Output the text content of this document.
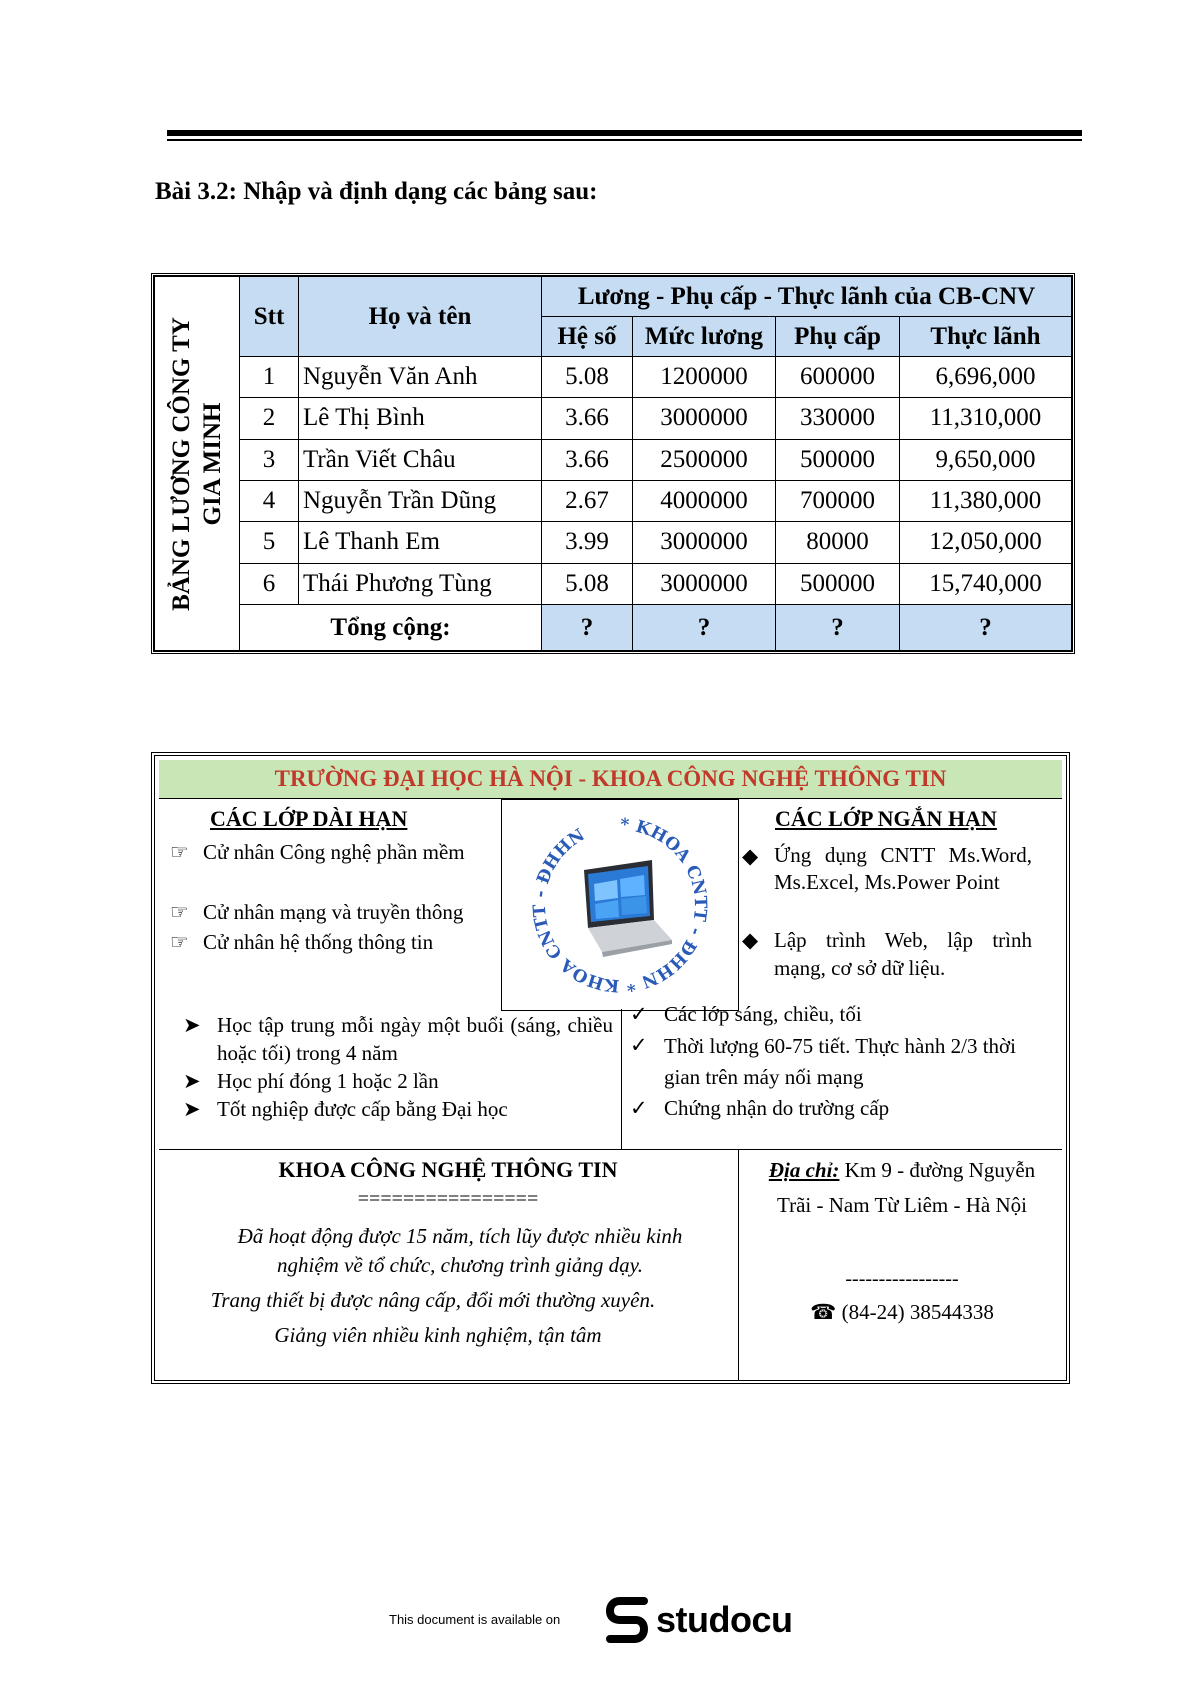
Bài 3.2: Nhập và định dạng các bảng sau:
BẢNG LƯƠNG CÔNG TY GIA MINH	Stt	Họ và tên	Lương - Phụ cấp - Thực lãnh của CB-CNV			
			Hệ số	Mức lương	Phụ cấp	Thực lãnh
	1	Nguyễn Văn Anh	5.08	1200000	600000	6,696,000
	2	Lê Thị Bình	3.66	3000000	330000	11,310,000
	3	Trần Viết Châu	3.66	2500000	500000	9,650,000
	4	Nguyễn Trần Dũng	2.67	4000000	700000	11,380,000
	5	Lê Thanh Em	3.99	3000000	80000	12,050,000
	6	Thái Phương Tùng	5.08	3000000	500000	15,740,000
	Tổng cộng:		?	?	?	?
TRƯỜNG ĐẠI HỌC HÀ NỘI - KHOA CÔNG NGHỆ THÔNG TIN
CÁC LỚP DÀI HẠN
☞ Cử nhân Công nghệ phần mềm
☞ Cử nhân mạng và truyền thông
☞ Cử nhân hệ thống thông tin
* KHOA CNTT - ĐHHN * KHOA CNTT - ĐHHN
CÁC LỚP NGẮN HẠN
◆ Ứng dụng CNTT Ms.Word, Ms.Excel, Ms.Power Point
◆ Lập trình Web, lập trình mạng, cơ sở dữ liệu.
➤ Học tập trung mỗi ngày một buổi (sáng, chiều hoặc tối) trong 4 năm
➤ Học phí đóng 1 hoặc 2 lần
➤ Tốt nghiệp được cấp bằng Đại học
✓ Các lớp sáng, chiều, tối
✓ Thời lượng 60-75 tiết. Thực hành 2/3 thời gian trên máy nối mạng
✓ Chứng nhận do trường cấp
KHOA CÔNG NGHỆ THÔNG TIN
================
Đã hoạt động được 15 năm, tích lũy được nhiều kinh nghiệm về tổ chức, chương trình giảng dạy.
Trang thiết bị được nâng cấp, đổi mới thường xuyên.
Giảng viên nhiều kinh nghiệm, tận tâm
Địa chỉ: Km 9 - đường Nguyễn Trãi - Nam Từ Liêm - Hà Nội
-----------------
☎ (84-24) 38544338
This document is available on	studocu
